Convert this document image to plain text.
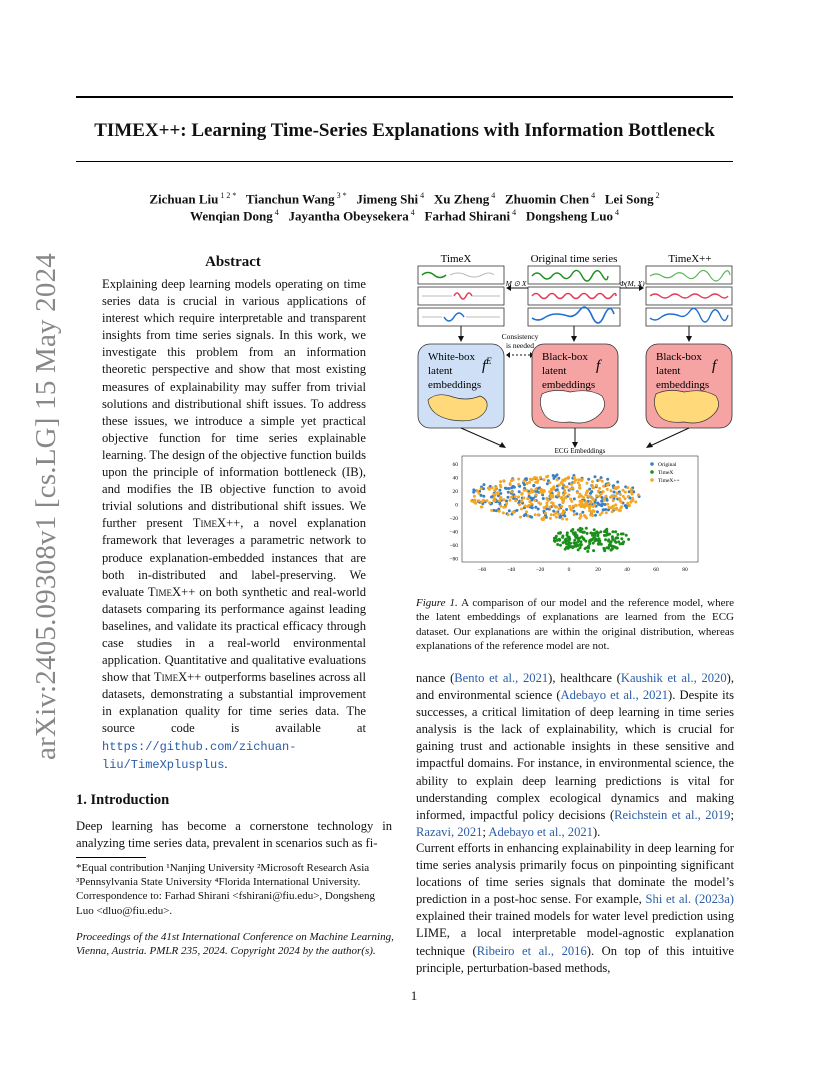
TIMEX++: Learning Time-Series Explanations with Information Bottleneck
Zichuan Liu $^{1 2 *}$  Tianchun Wang $^{3 *}$  Jimeng Shi $^4$  Xu Zheng $^4$  Zhuomin Chen $^4$  Lei Song $^2$
Wenqian Dong $^4$  Jayantha Obeysekera $^4$  Farhad Shirani $^4$  Dongsheng Luo $^4$
arXiv:2405.09308v1 [cs.LG] 15 May 2024	Abstract
Explaining deep learning models operating on time series data is crucial in various applications of interest which require interpretable and transparent insights from time series signals. In this work, we investigate this problem from an information theoretic perspective and show that most existing measures of explainability may suffer from trivial solutions and distributional shift issues. To address these issues, we introduce a simple yet practical objective function for time series explainable learning. The design of the objective function builds upon the principle of information bottleneck (IB), and modifies the IB objective function to avoid trivial solutions and distributional shift issues. We further present TimeX++, a novel explanation framework that leverages a parametric network to produce explanation-embedded instances that are both in-distributed and label-preserving. We evaluate TimeX++ on both synthetic and real-world datasets comparing its performance against leading baselines, and validate its practical efficacy through case studies in a real-world environmental application. Quantitative and qualitative evaluations show that TimeX++ outperforms baselines across all datasets, demonstrating a substantial improvement in explanation quality for time series data. The source code is available at https://github.com/zichuan-liu/TimeXplusplus.
1. Introduction
Deep learning has become a cornerstone technology in analyzing time series data, prevalent in scenarios such as fi-
*Equal contribution ¹Nanjing University ²Microsoft Research Asia ³Pennsylvania State University ⁴Florida International University. Correspondence to: Farhad Shirani <fshirani@fiu.edu>, Dongsheng Luo <dluo@fiu.edu>.
Proceedings of the 41st International Conference on Machine Learning, Vienna, Austria. PMLR 235, 2024. Copyright 2024 by the author(s).
TimeX	Original time series	TimeX++
M ⊙ X	Φ(M, X)
Consistency
is needed
White-box
latent
embeddings
$f^E$	Black-box
latent
embeddings
f
Black-box
latent
embeddings
f
ECG Embeddings
60
40
20
0
−20
−40
−60
−80
−60	−40	−20	0	20	40	60	80
Original
TimeX
TimeX++
Figure 1. A comparison of our model and the reference model, where the latent embeddings of explanations are learned from the ECG dataset. Our explanations are within the original distribution, whereas explanations of the reference model are not.
nance (Bento et al., 2021), healthcare (Kaushik et al., 2020), and environmental science (Adebayo et al., 2021). Despite its successes, a critical limitation of deep learning in time series analysis is the lack of explainability, which is crucial for gaining trust and actionable insights in these sensitive and impactful domains. For instance, in environmental science, the ability to explain deep learning predictions is vital for understanding complex ecological dynamics and making informed, impactful policy decisions (Reichstein et al., 2019; Razavi, 2021; Adebayo et al., 2021).
Current efforts in enhancing explainability in deep learning for time series analysis primarily focus on pinpointing significant locations of time series signals that dominate the model’s prediction in a post-hoc sense. For example, Shi et al. (2023a) explained their trained models for water level prediction using LIME, a local interpretable model-agnostic explanation technique (Ribeiro et al., 2016). On top of this intuitive principle, perturbation-based methods,
1
